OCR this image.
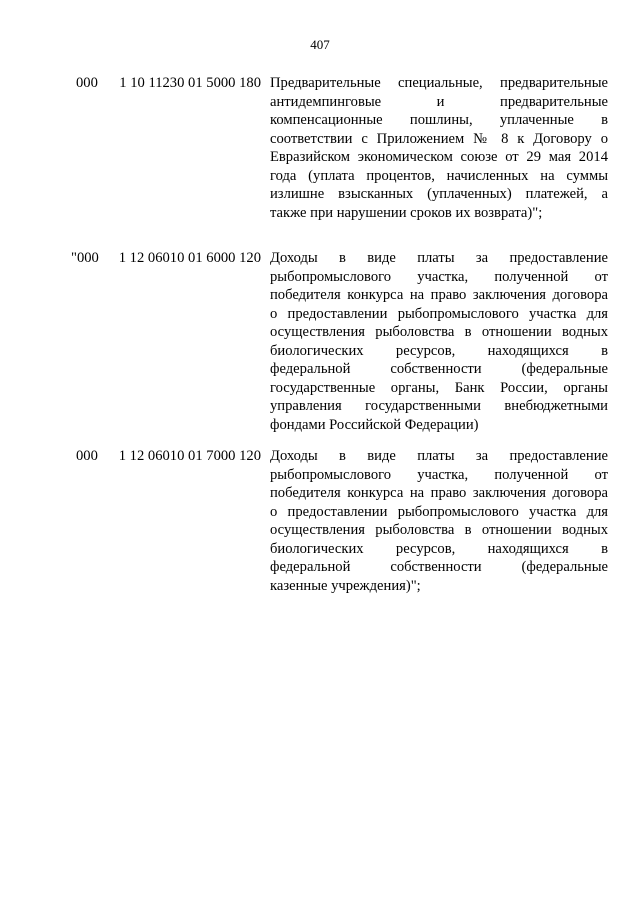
407
000 1 10 11230 01 5000 180 Предварительные специальные, предварительные
антидемпинговые и предварительные
компенсационные пошлины, уплаченные в
соответствии с Приложением № 8 к Договору о
Евразийском экономическом союзе от 29 мая 2014
года (уплата процентов, начисленных на суммы
излишне взысканных (уплаченных) платежей, а
также при нарушении сроков их возврата)";
"000 1 12 06010 01 6000 120 Доходы в виде платы за предоставление
рыбопромыслового участка, полученной от
победителя конкурса на право заключения договора
о предоставлении рыбопромыслового участка для
осуществления рыболовства в отношении водных
биологических ресурсов, находящихся в
федеральной собственности (федеральные
государственные органы, Банк России, органы
управления государственными внебюджетными
фондами Российской Федерации)
000 1 12 06010 01 7000 120 Доходы в виде платы за предоставление
рыбопромыслового участка, полученной от
победителя конкурса на право заключения договора
о предоставлении рыбопромыслового участка для
осуществления рыболовства в отношении водных
биологических ресурсов, находящихся в
федеральной собственности (федеральные
казенные учреждения)";
